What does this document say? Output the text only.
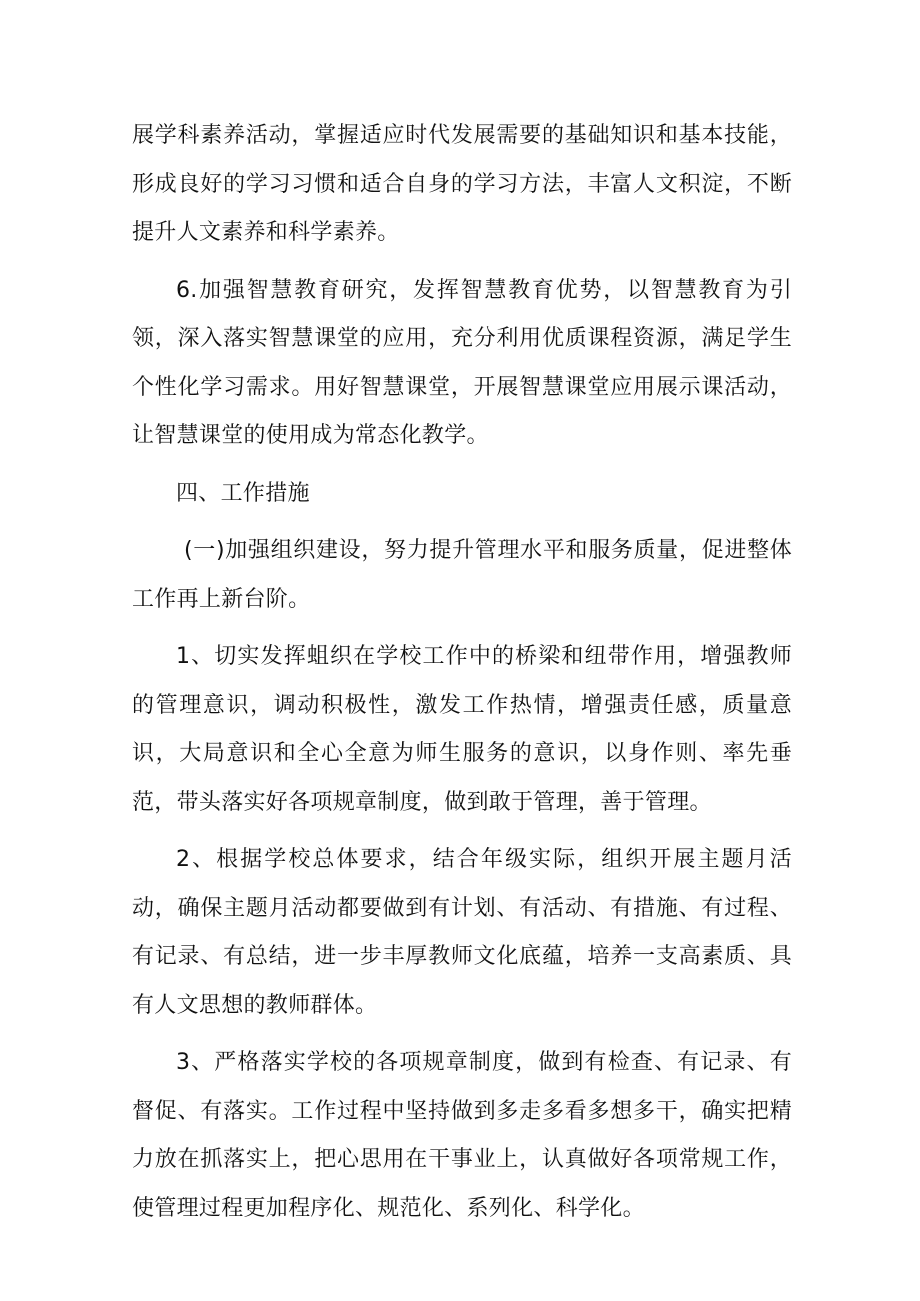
展学科素养活动，掌握适应时代发展需要的基础知识和基本技能，形成良好的学习习惯和适合自身的学习方法，丰富人文积淀，不断提升人文素养和科学素养。

6.加强智慧教育研究，发挥智慧教育优势，以智慧教育为引领，深入落实智慧课堂的应用，充分利用优质课程资源，满足学生个性化学习需求。用好智慧课堂，开展智慧课堂应用展示课活动，让智慧课堂的使用成为常态化教学。

四、工作措施

(一)加强组织建设，努力提升管理水平和服务质量，促进整体工作再上新台阶。

1、切实发挥蛆织在学校工作中的桥梁和纽带作用，增强教师的管理意识，调动积极性，激发工作热情，增强责任感，质量意识，大局意识和全心全意为师生服务的意识，以身作则、率先垂范，带头落实好各项规章制度，做到敢于管理，善于管理。

2、根据学校总体要求，结合年级实际，组织开展主题月活动，确保主题月活动都要做到有计划、有活动、有措施、有过程、有记录、有总结，进一步丰厚教师文化底蕴，培养一支高素质、具有人文思想的教师群体。

3、严格落实学校的各项规章制度，做到有检查、有记录、有督促、有落实。工作过程中坚持做到多走多看多想多干，确实把精力放在抓落实上，把心思用在干事业上，认真做好各项常规工作，使管理过程更加程序化、规范化、系列化、科学化。
